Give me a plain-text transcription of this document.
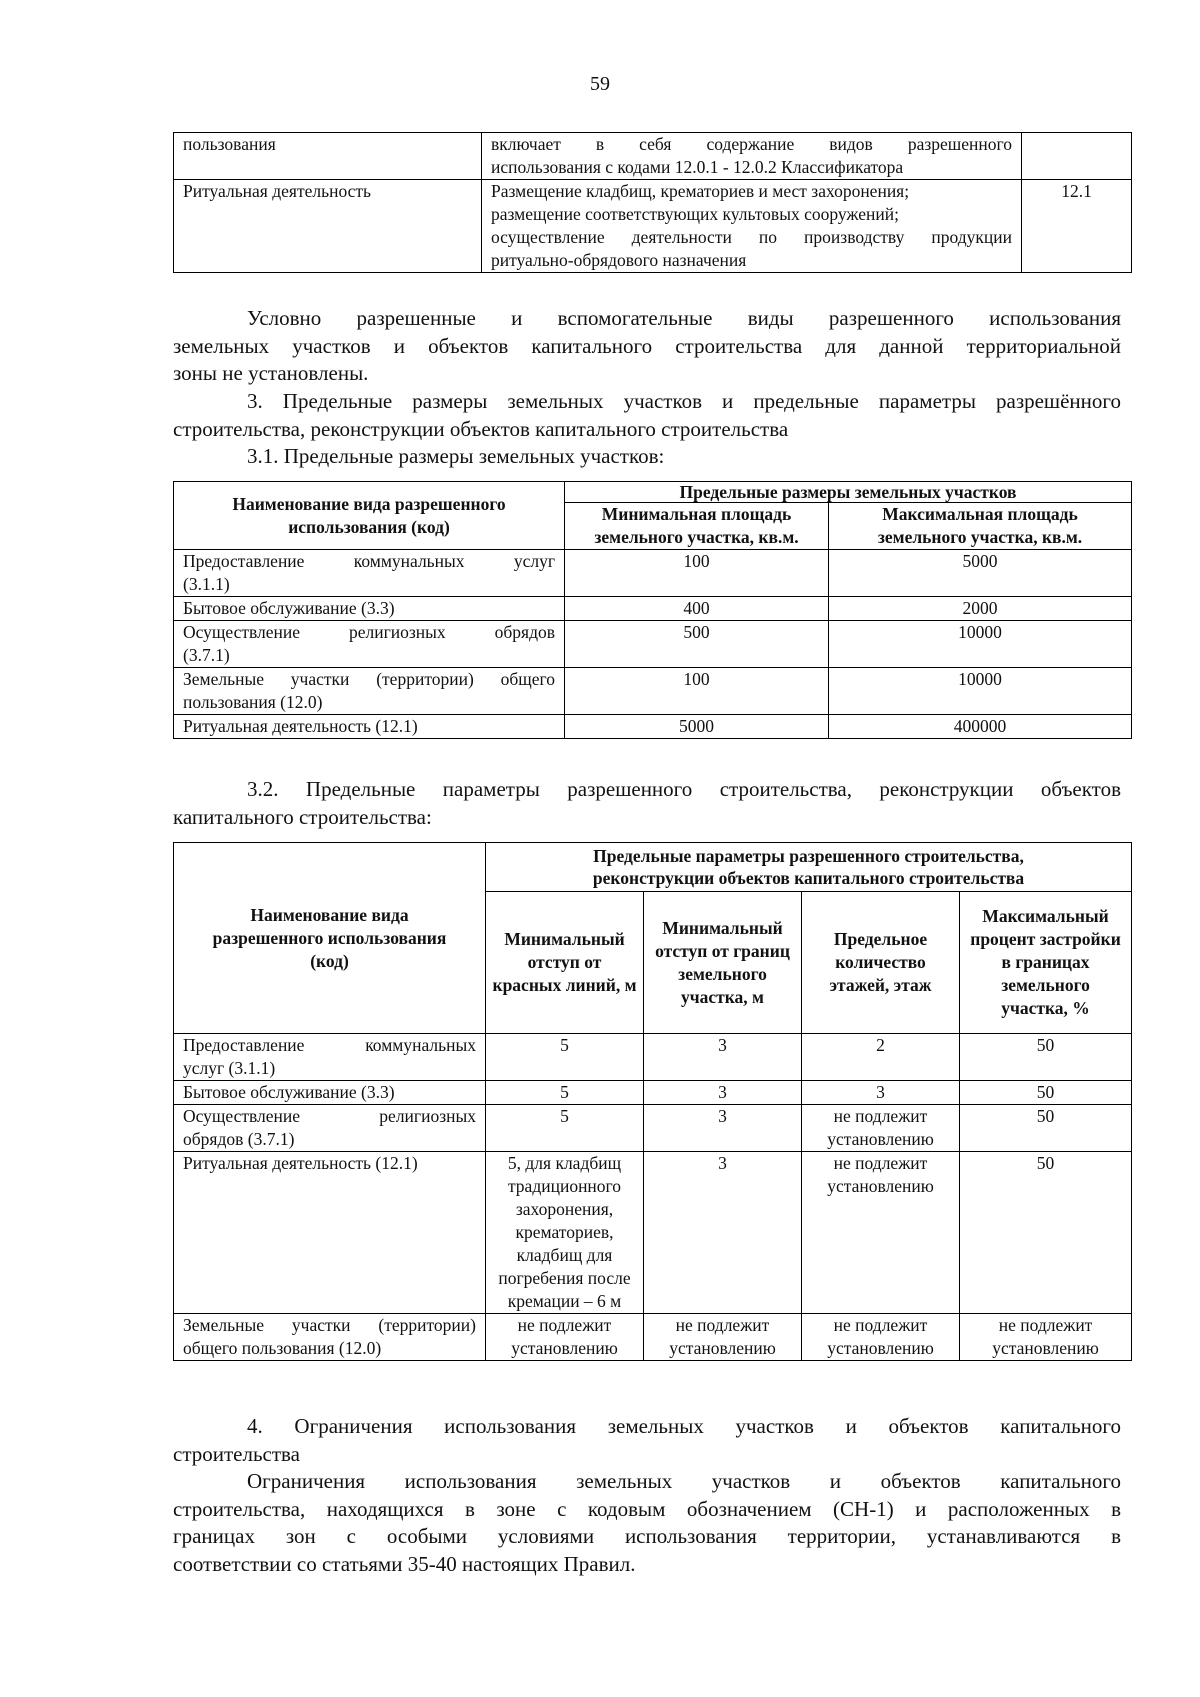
59
пользования	включает в себя содержание видов разрешенного
использования с кодами 12.0.1 - 12.0.2 Классификатора	

Ритуальная деятельность	Размещение кладбищ, крематориев и мест захоронения;
размещение соответствующих культовых сооружений;
осуществление деятельности по производству продукции
ритуально-обрядового назначения	12.1

Условно разрешенные и вспомогательные виды разрешенного использования
земельных участков и объектов капитального строительства для данной территориальной
зоны не установлены.

3. Предельные размеры земельных участков и предельные параметры разрешённого
строительства, реконструкции объектов капитального строительства

3.1. Предельные размеры земельных участков:

Наименование вида разрешенного использования (код)	Предельные размеры земельных участков	
	Минимальная площадь земельного участка, кв.м.	Максимальная площадь земельного участка, кв.м.

Предоставление коммунальных услуг
(3.1.1)	100	5000
Бытовое обслуживание (3.3)	400	2000

Осуществление религиозных обрядов
(3.7.1)	500	10000

Земельные участки (территории) общего
пользования (12.0)	100	10000
Ритуальная деятельность (12.1)	5000	400000

3.2. Предельные параметры разрешенного строительства, реконструкции объектов
капитального строительства:

Наименование вида разрешенного использования (код)	Предельные параметры разрешенного строительства, реконструкции объектов капитального строительства			
	Минимальный отступ от красных линий, м	Минимальный отступ от границ земельного участка, м	Предельное количество этажей, этаж	Максимальный процент застройки в границах земельного участка, %

Предоставление коммунальных
услуг (3.1.1)	5	3	2	50
Бытовое обслуживание (3.3)	5	3	3	50

Осуществление религиозных
обрядов (3.7.1)	5	3	не подлежит установлению	50
Ритуальная деятельность (12.1)	5, для кладбищ традиционного захоронения, крематориев, кладбищ для погребения после кремации – 6 м	3	не подлежит установлению	50

Земельные участки (территории)
общего пользования (12.0)	не подлежит установлению	не подлежит установлению	не подлежит установлению	не подлежит установлению

4. Ограничения использования земельных участков и объектов капитального
строительства

Ограничения использования земельных участков и объектов капитального
строительства, находящихся в зоне с кодовым обозначением (СН-1) и расположенных в
границах зон с особыми условиями использования территории, устанавливаются в
соответствии со статьями 35-40 настоящих Правил.
